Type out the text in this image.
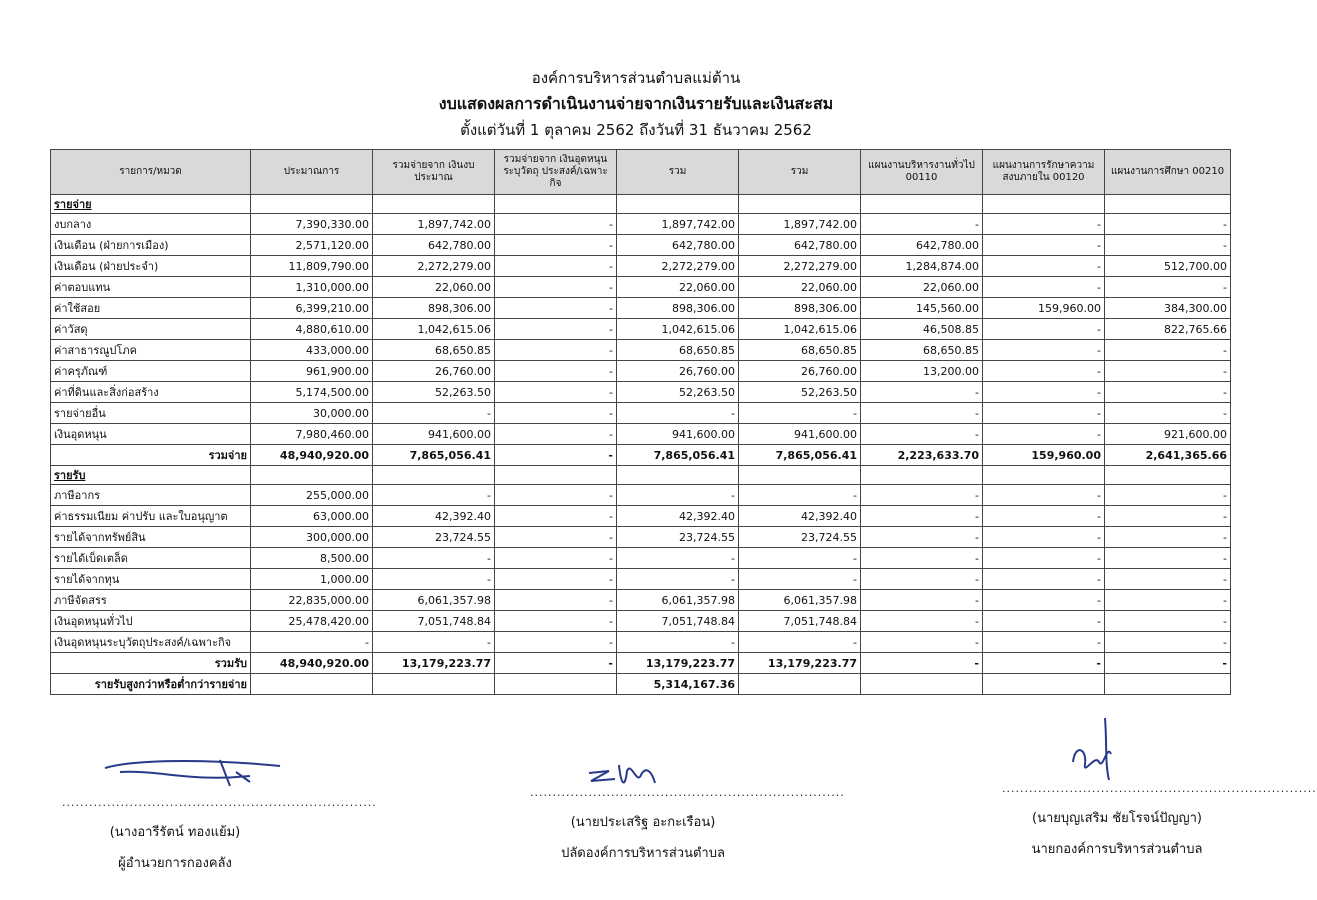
องค์การบริหารส่วนตำบลแม่ต้าน
งบแสดงผลการดำเนินงานจ่ายจากเงินรายรับและเงินสะสม
ตั้งแต่วันที่ 1 ตุลาคม 2562 ถึงวันที่ 31 ธันวาคม 2562
รายการ/หมวด	ประมาณการ	รวมจ่ายจาก เงินงบประมาณ	รวมจ่ายจาก เงินอุดหนุนระบุวัตถุ ประสงค์/เฉพาะกิจ	รวม	รวม	แผนงานบริหารงานทั่วไป 00110	แผนงานการรักษาความ สงบภายใน 00120	แผนงานการศึกษา 00210
รายจ่าย								
งบกลาง	7,390,330.00	1,897,742.00	-	1,897,742.00	1,897,742.00	-	-	-
เงินเดือน (ฝ่ายการเมือง)	2,571,120.00	642,780.00	-	642,780.00	642,780.00	642,780.00	-	-
เงินเดือน (ฝ่ายประจำ)	11,809,790.00	2,272,279.00	-	2,272,279.00	2,272,279.00	1,284,874.00	-	512,700.00
ค่าตอบแทน	1,310,000.00	22,060.00	-	22,060.00	22,060.00	22,060.00	-	-
ค่าใช้สอย	6,399,210.00	898,306.00	-	898,306.00	898,306.00	145,560.00	159,960.00	384,300.00
ค่าวัสดุ	4,880,610.00	1,042,615.06	-	1,042,615.06	1,042,615.06	46,508.85	-	822,765.66
ค่าสาธารณูปโภค	433,000.00	68,650.85	-	68,650.85	68,650.85	68,650.85	-	-
ค่าครุภัณฑ์	961,900.00	26,760.00	-	26,760.00	26,760.00	13,200.00	-	-
ค่าที่ดินและสิ่งก่อสร้าง	5,174,500.00	52,263.50	-	52,263.50	52,263.50	-	-	-
รายจ่ายอื่น	30,000.00	-	-	-	-	-	-	-
เงินอุดหนุน	7,980,460.00	941,600.00	-	941,600.00	941,600.00	-	-	921,600.00
รวมจ่าย	48,940,920.00	7,865,056.41	-	7,865,056.41	7,865,056.41	2,223,633.70	159,960.00	2,641,365.66
รายรับ								
ภาษีอากร	255,000.00	-	-	-	-	-	-	-
ค่าธรรมเนียม ค่าปรับ และใบอนุญาต	63,000.00	42,392.40	-	42,392.40	42,392.40	-	-	-
รายได้จากทรัพย์สิน	300,000.00	23,724.55	-	23,724.55	23,724.55	-	-	-
รายได้เบ็ดเตล็ด	8,500.00	-	-	-	-	-	-	-
รายได้จากทุน	1,000.00	-	-	-	-	-	-	-
ภาษีจัดสรร	22,835,000.00	6,061,357.98	-	6,061,357.98	6,061,357.98	-	-	-
เงินอุดหนุนทั่วไป	25,478,420.00	7,051,748.84	-	7,051,748.84	7,051,748.84	-	-	-
เงินอุดหนุนระบุวัตถุประสงค์/เฉพาะกิจ	-	-	-	-	-	-	-	-
รวมรับ	48,940,920.00	13,179,223.77	-	13,179,223.77	13,179,223.77	-	-	-
รายรับสูงกว่าหรือต่ำกว่ารายจ่าย				5,314,167.36				
......................................................................
(นางอารีรัตน์ ทองแย้ม)
ผู้อำนวยการกองคลัง
......................................................................
(นายประเสริฐ อะกะเรือน)
ปลัดองค์การบริหารส่วนตำบล
......................................................................
(นายบุญเสริม ชัยโรจน์ปัญญา)
นายกองค์การบริหารส่วนตำบล
